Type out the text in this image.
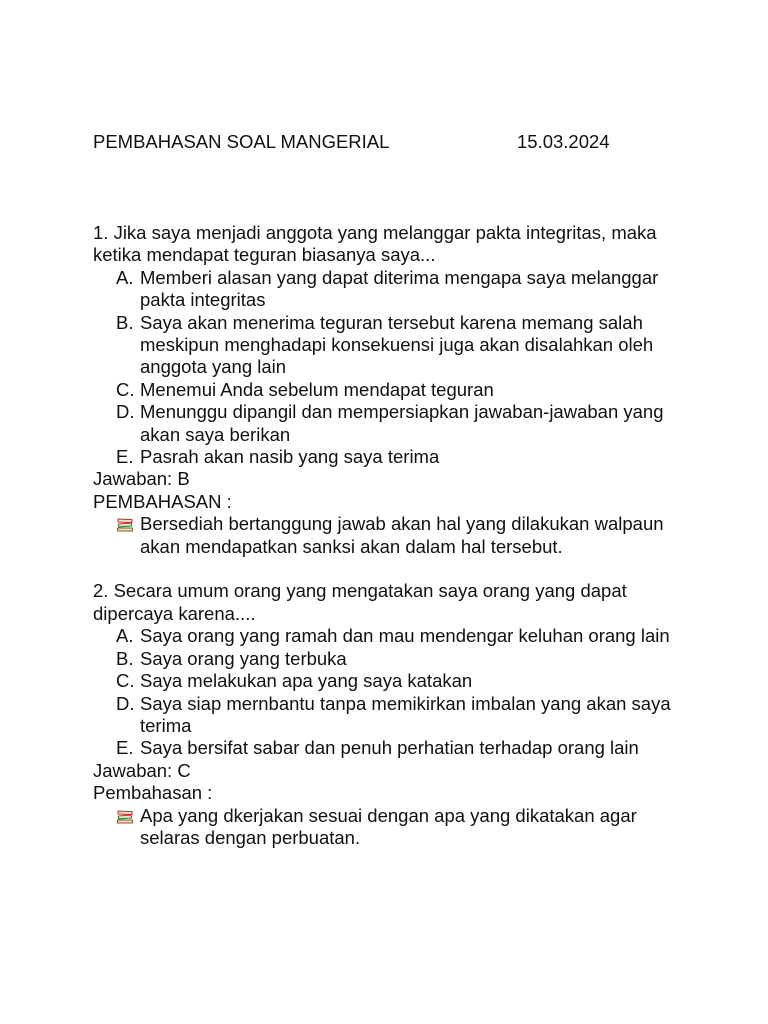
PEMBAHASAN SOAL MANGERIAL	15.03.2024

1. Jika saya menjadi anggota yang melanggar pakta integritas, maka ketika mendapat teguran biasanya saya...

A. Memberi alasan yang dapat diterima mengapa saya melanggar pakta integritas
B. Saya akan menerima teguran tersebut karena memang salah meskipun menghadapi konsekuensi juga akan disalahkan oleh anggota yang lain
C. Menemui Anda sebelum mendapat teguran
D. Menunggu dipangil dan mempersiapkan jawaban-jawaban yang akan saya berikan
E. Pasrah akan nasib yang saya terima

Jawaban: B

PEMBAHASAN :

Bersediah bertanggung jawab akan hal yang dilakukan walpaun akan mendapatkan sanksi akan dalam hal tersebut.

2. Secara umum orang yang mengatakan saya orang yang dapat dipercaya karena....

A. Saya orang yang ramah dan mau mendengar keluhan orang lain
B. Saya orang yang terbuka
C. Saya melakukan apa yang saya katakan
D. Saya siap mernbantu tanpa memikirkan imbalan yang akan saya terima
E. Saya bersifat sabar dan penuh perhatian terhadap orang lain

Jawaban: C

Pembahasan :

Apa yang dkerjakan sesuai dengan apa yang dikatakan agar selaras dengan perbuatan.
